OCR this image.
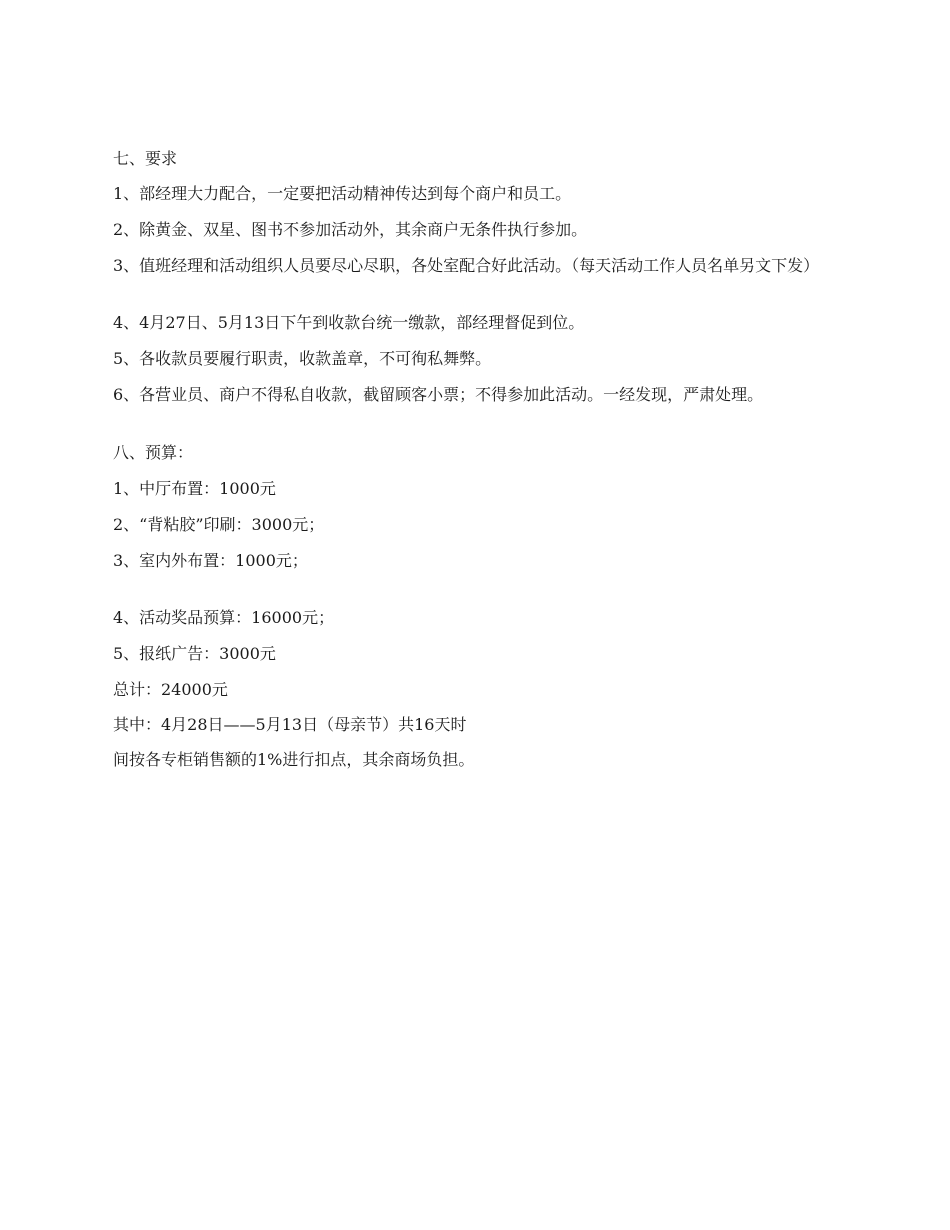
七、要求
1、部经理大力配合，一定要把活动精神传达到每个商户和员工。
2、除黄金、双星、图书不参加活动外，其余商户无条件执行参加。
3、值班经理和活动组织人员要尽心尽职，各处室配合好此活动。（每天活动工作人员名单另文下发）
4、4月27日、5月13日下午到收款台统一缴款，部经理督促到位。
5、各收款员要履行职责，收款盖章，不可徇私舞弊。
6、各营业员、商户不得私自收款，截留顾客小票；不得参加此活动。一经发现，严肃处理。
八、预算：
1、中厅布置：1000元
2、“背粘胶”印刷：3000元；
3、室内外布置：1000元；
4、活动奖品预算：16000元；
5、报纸广告：3000元
总计：24000元
其中：4月28日——5月13日（母亲节）共16天时
间按各专柜销售额的1%进行扣点，其余商场负担。
